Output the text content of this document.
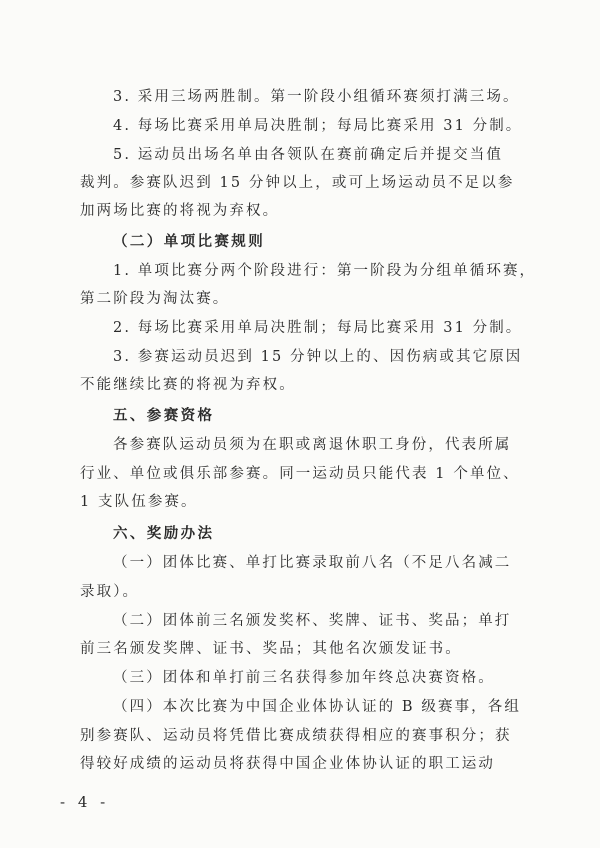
3. 采用三场两胜制。第一阶段小组循环赛须打满三场。
4. 每场比赛采用单局决胜制；每局比赛采用 31 分制。
5. 运动员出场名单由各领队在赛前确定后并提交当值
裁判。参赛队迟到 15 分钟以上，或可上场运动员不足以参
加两场比赛的将视为弃权。
（二）单项比赛规则
1. 单项比赛分两个阶段进行：第一阶段为分组单循环赛，
第二阶段为淘汰赛。
2. 每场比赛采用单局决胜制；每局比赛采用 31 分制。
3. 参赛运动员迟到 15 分钟以上的、因伤病或其它原因
不能继续比赛的将视为弃权。
五、参赛资格
各参赛队运动员须为在职或离退休职工身份，代表所属
行业、单位或俱乐部参赛。同一运动员只能代表 1 个单位、
1 支队伍参赛。
六、奖励办法
（一）团体比赛、单打比赛录取前八名（不足八名减二
录取）。
（二）团体前三名颁发奖杯、奖牌、证书、奖品；单打
前三名颁发奖牌、证书、奖品；其他名次颁发证书。
（三）团体和单打前三名获得参加年终总决赛资格。
（四）本次比赛为中国企业体协认证的 B 级赛事，各组
别参赛队、运动员将凭借比赛成绩获得相应的赛事积分；获
得较好成绩的运动员将获得中国企业体协认证的职工运动
- 4 -
